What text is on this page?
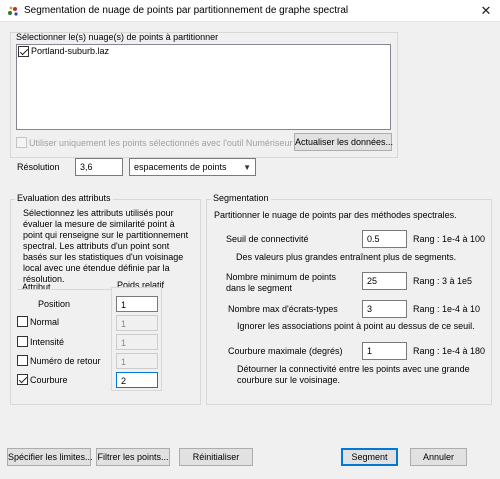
Segmentation de nuage de points par partitionnement de graphe spectral	✕
Sélectionner le(s) nuage(s) de points à partitionner
Portland-suburb.laz
Utiliser uniquement les points sélectionnés avec l'outil Numériseur Actualiser les données...
Résolution	3,6	espacements de points ▼
Evaluation des attributs
Sélectionnez les attributs utilisés pour évaluer la mesure de similarité point à point qui renseigne sur le partitionnement spectral. Les attributs d'un point sont basés sur les statistiques d'un voisinage local avec une étendue définie par la résolution.
Attribut	Poids relatif
Position	1
Normal	1
Intensité	1
Numéro de retour	1
Courbure	2
Segmentation
Partitionner le nuage de points par des méthodes spectrales.
Seuil de connectivité	0.5	Rang : 1e-4 à 100
Des valeurs plus grandes entraînent plus de segments.
Nombre minimum de points dans le segment
25	Rang : 3 à 1e5
Nombre max d'écrats-types	3	Rang : 1e-4 à 10
Ignorer les associations point à point au dessus de ce seuil.
Courbure maximale (degrés)	1	Rang : 1e-4 à 180
Détourner la connectivité entre les points avec une grande courbure sur le voisinage.
Spécifier les limites... Filtrer les points...	Réinitialiser	Segment	Annuler
